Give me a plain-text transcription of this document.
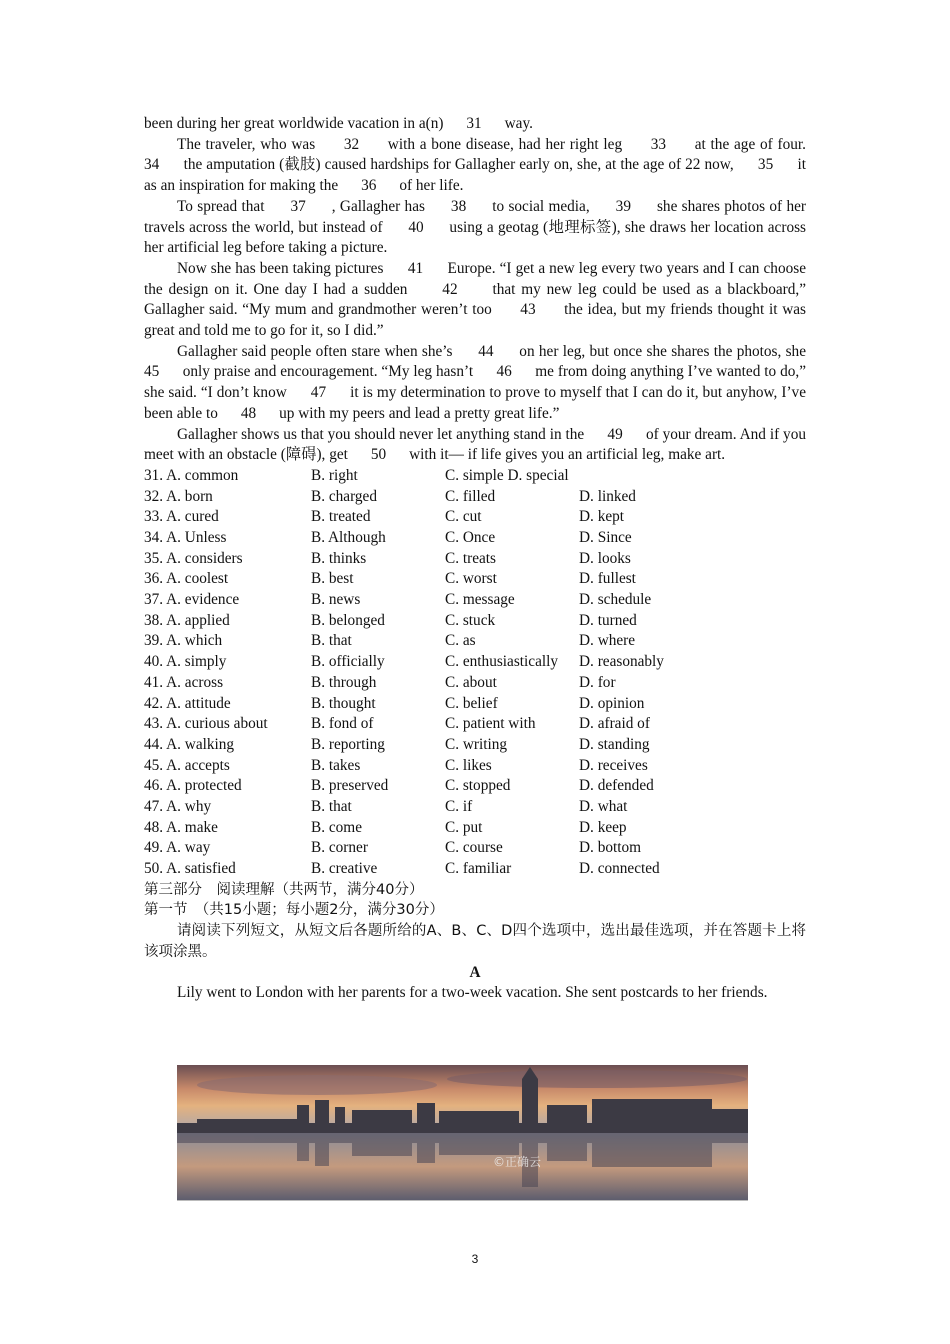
been during her great worldwide vacation in a(n)      31      way.
The traveler, who was      32      with a bone disease, had her right leg      33      at the age of four.      34      the amputation (截肢) caused hardships for Gallagher early on, she, at the age of 22 now,      35      it as an inspiration for making the      36      of her life.
To spread that      37      , Gallagher has      38      to social media,      39      she shares photos of her travels across the world, but instead of      40      using a geotag (地理标签), she draws her location across her artificial leg before taking a picture.
Now she has been taking pictures      41      Europe. “I get a new leg every two years and I can choose the design on it. One day I had a sudden      42      that my new leg could be used as a blackboard,” Gallagher said. “My mum and grandmother weren’t too      43      the idea, but my friends thought it was great and told me to go for it, so I did.”
Gallagher said people often stare when she’s      44      on her leg, but once she shares the photos, she      45      only praise and encouragement. “My leg hasn’t      46      me from doing anything I’ve wanted to do,” she said. “I don’t know      47      it is my determination to prove to myself that I can do it, but anyhow, I’ve been able to      48      up with my peers and lead a pretty great life.”
Gallagher shows us that you should never let anything stand in the      49      of your dream. And if you meet with an obstacle (障碍), get      50      with it— if life gives you an artificial leg, make art.
31. A. common	B. right	C. simple D. special
32. A. born	B. charged	C. filled	D. linked
33. A. cured	B. treated	C. cut	D. kept
34. A. Unless	B. Although	C. Once	D. Since
35. A. considers	B. thinks	C. treats	D. looks
36. A. coolest	B. best	C. worst	D. fullest
37. A. evidence	B. news	C. message	D. schedule
38. A. applied	B. belonged	C. stuck	D. turned
39. A. which	B. that	C. as	D. where
40. A. simply	B. officially	C. enthusiastically	D. reasonably
41. A. across	B. through	C. about	D. for
42. A. attitude	B. thought	C. belief	D. opinion
43. A. curious about	B. fond of	C. patient with	D. afraid of
44. A. walking	B. reporting	C. writing	D. standing
45. A. accepts	B. takes	C. likes	D. receives
46. A. protected	B. preserved	C. stopped	D. defended
47. A. why	B. that	C. if	D. what
48. A. make	B. come	C. put	D. keep
49. A. way	B. corner	C. course	D. bottom
50. A. satisfied	B. creative	C. familiar	D. connected
第三部分　阅读理解（共两节，满分40分）
第一节　（共15小题；每小题2分，满分30分）
请阅读下列短文，从短文后各题所给的A、B、C、D四个选项中，选出最佳选项，并在答题卡上将该项涂黑。
A
Lily went to London with her parents for a two-week vacation. She sent postcards to her friends.
©正确云
3
